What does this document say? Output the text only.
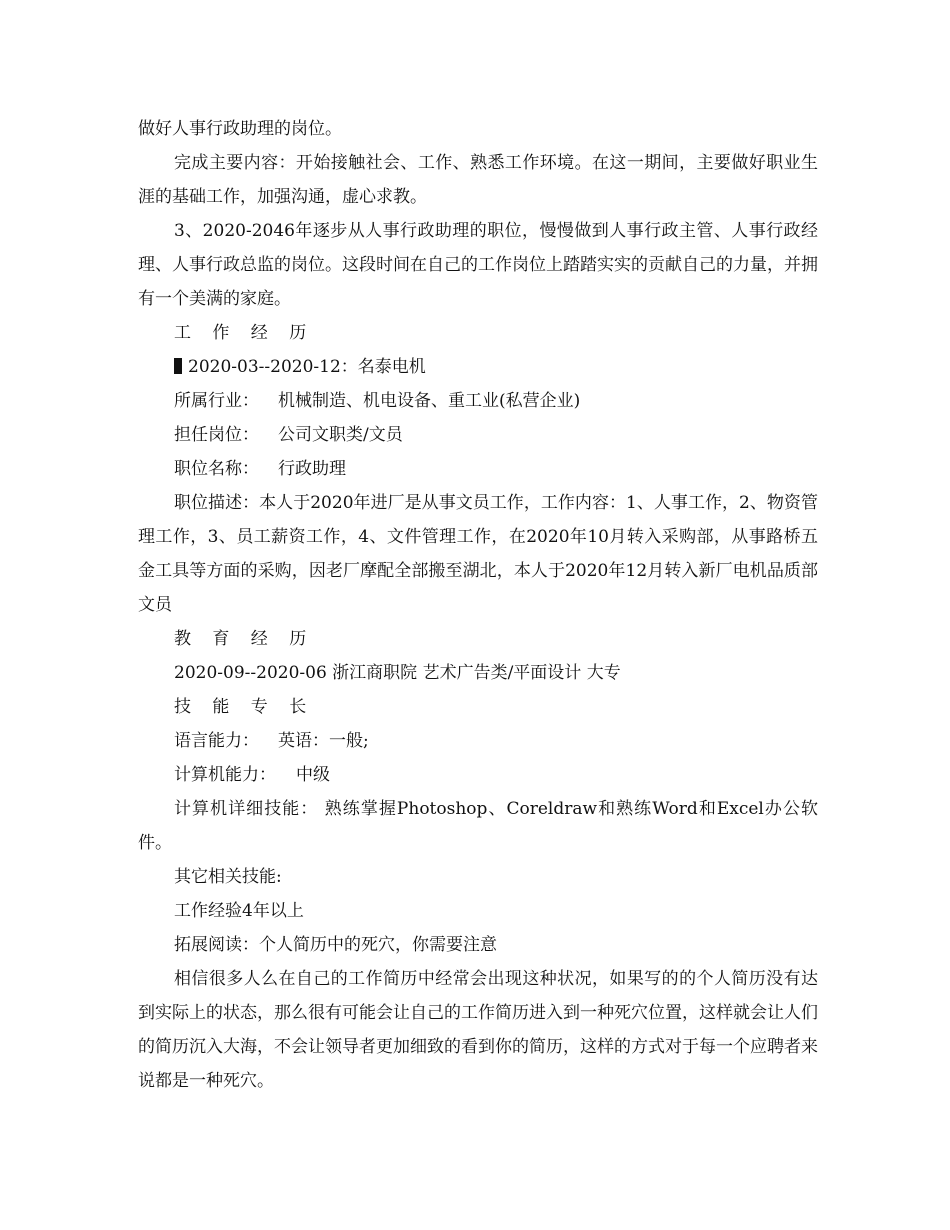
做好人事行政助理的岗位。

完成主要内容：开始接触社会、工作、熟悉工作环境。在这一期间，主要做好职业生涯的基础工作，加强沟通，虚心求教。

3、2020-2046年逐步从人事行政助理的职位，慢慢做到人事行政主管、人事行政经理、人事行政总监的岗位。这段时间在自己的工作岗位上踏踏实实的贡献自己的力量，并拥有一个美满的家庭。

工 作 经 历

2020-03--2020-12：名泰电机

所属行业： 机械制造、机电设备、重工业(私营企业)

担任岗位： 公司文职类/文员

职位名称： 行政助理

职位描述：本人于2020年进厂是从事文员工作，工作内容：1、人事工作，2、物资管理工作，3、员工薪资工作，4、文件管理工作，在2020年10月转入采购部，从事路桥五金工具等方面的采购，因老厂摩配全部搬至湖北，本人于2020年12月转入新厂电机品质部文员

教 育 经 历

2020-09--2020-06 浙江商职院 艺术广告类/平面设计 大专

技 能 专 长

语言能力： 英语：一般;

计算机能力： 中级

计算机详细技能： 熟练掌握Photoshop、Coreldraw和熟练Word和Excel办公软件。

其它相关技能:

工作经验4年以上

拓展阅读：个人简历中的死穴，你需要注意

相信很多人么在自己的工作简历中经常会出现这种状况，如果写的的个人简历没有达到实际上的状态，那么很有可能会让自己的工作简历进入到一种死穴位置，这样就会让人们的简历沉入大海，不会让领导者更加细致的看到你的简历，这样的方式对于每一个应聘者来说都是一种死穴。
